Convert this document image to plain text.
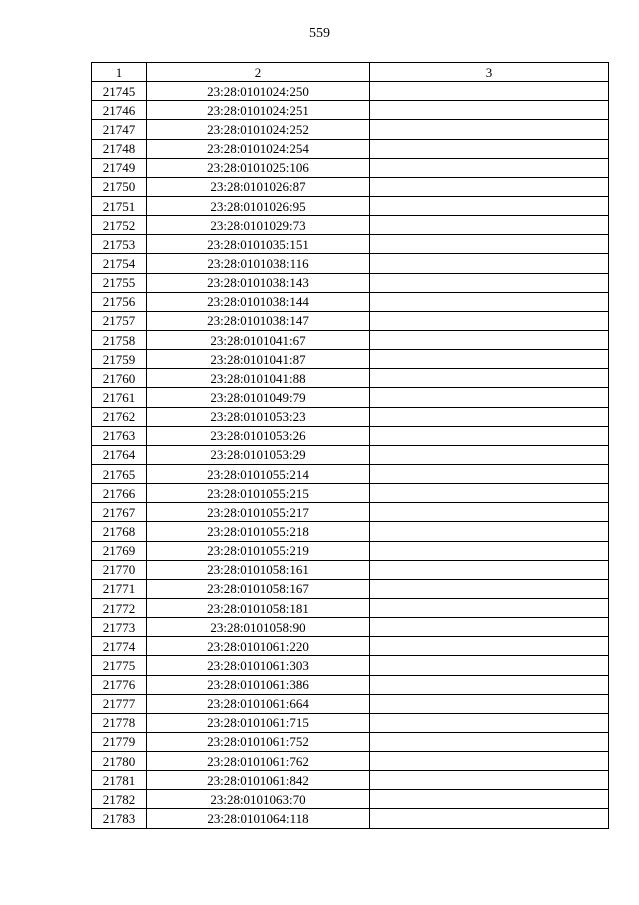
559
1	2	3
21745	23:28:0101024:250	
21746	23:28:0101024:251	
21747	23:28:0101024:252	
21748	23:28:0101024:254	
21749	23:28:0101025:106	
21750	23:28:0101026:87	
21751	23:28:0101026:95	
21752	23:28:0101029:73	
21753	23:28:0101035:151	
21754	23:28:0101038:116	
21755	23:28:0101038:143	
21756	23:28:0101038:144	
21757	23:28:0101038:147	
21758	23:28:0101041:67	
21759	23:28:0101041:87	
21760	23:28:0101041:88	
21761	23:28:0101049:79	
21762	23:28:0101053:23	
21763	23:28:0101053:26	
21764	23:28:0101053:29	
21765	23:28:0101055:214	
21766	23:28:0101055:215	
21767	23:28:0101055:217	
21768	23:28:0101055:218	
21769	23:28:0101055:219	
21770	23:28:0101058:161	
21771	23:28:0101058:167	
21772	23:28:0101058:181	
21773	23:28:0101058:90	
21774	23:28:0101061:220	
21775	23:28:0101061:303	
21776	23:28:0101061:386	
21777	23:28:0101061:664	
21778	23:28:0101061:715	
21779	23:28:0101061:752	
21780	23:28:0101061:762	
21781	23:28:0101061:842	
21782	23:28:0101063:70	
21783	23:28:0101064:118	
